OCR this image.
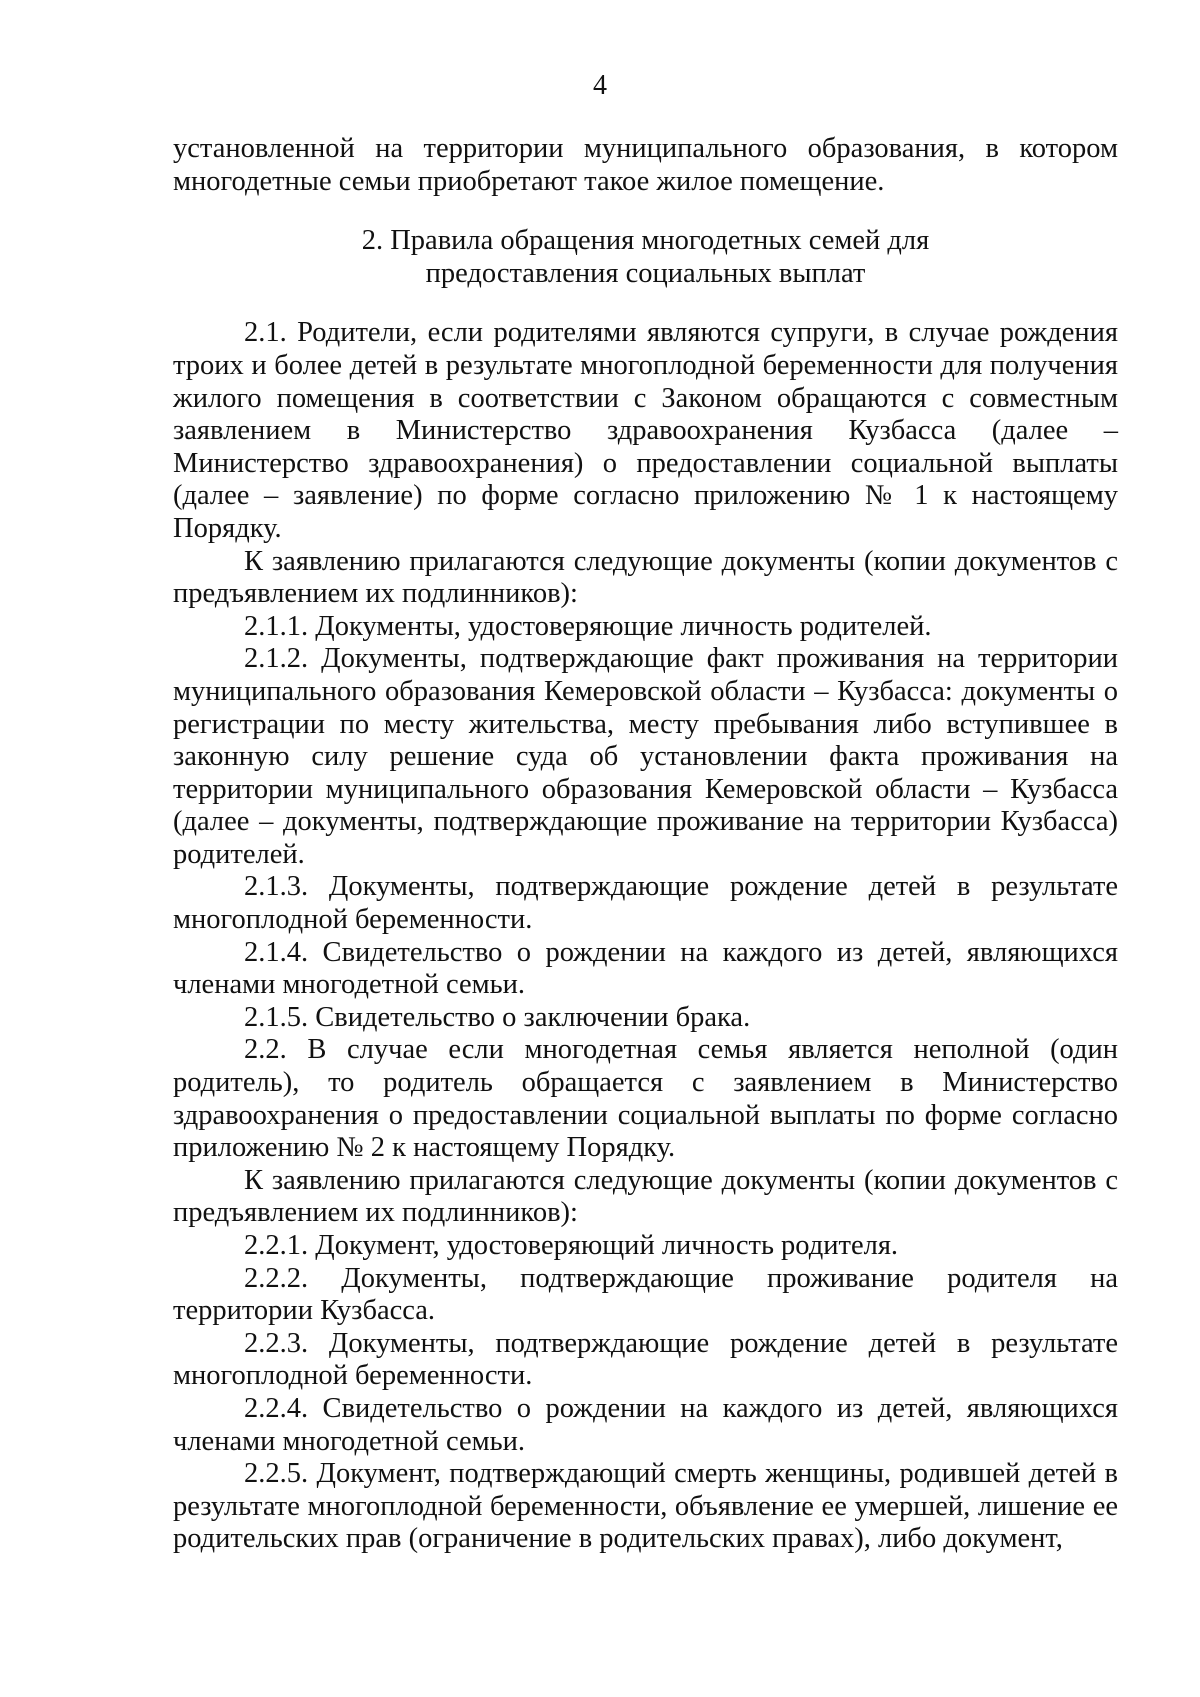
4

установленной на территории муниципального образования, в котором многодетные семьи приобретают такое жилое помещение.

2. Правила обращения многодетных семей для
предоставления социальных выплат

2.1. Родители, если родителями являются супруги, в случае рождения троих и более детей в результате многоплодной беременности для получения жилого помещения в соответствии с Законом обращаются с совместным заявлением в Министерство здравоохранения Кузбасса (далее – Министерство здравоохранения) о предоставлении социальной выплаты (далее – заявление) по форме согласно приложению № 1 к настоящему Порядку.

К заявлению прилагаются следующие документы (копии документов с предъявлением их подлинников):

2.1.1. Документы, удостоверяющие личность родителей.

2.1.2. Документы, подтверждающие факт проживания на территории муниципального образования Кемеровской области – Кузбасса: документы о регистрации по месту жительства, месту пребывания либо вступившее в законную силу решение суда об установлении факта проживания на территории муниципального образования Кемеровской области – Кузбасса (далее – документы, подтверждающие проживание на территории Кузбасса) родителей.

2.1.3. Документы, подтверждающие рождение детей в результате многоплодной беременности.

2.1.4. Свидетельство о рождении на каждого из детей, являющихся членами многодетной семьи.

2.1.5. Свидетельство о заключении брака.

2.2. В случае если многодетная семья является неполной (один родитель), то родитель обращается с заявлением в Министерство здравоохранения о предоставлении социальной выплаты по форме согласно приложению № 2 к настоящему Порядку.

К заявлению прилагаются следующие документы (копии документов с предъявлением их подлинников):

2.2.1. Документ, удостоверяющий личность родителя.

2.2.2. Документы, подтверждающие проживание родителя на территории Кузбасса.

2.2.3. Документы, подтверждающие рождение детей в результате многоплодной беременности.

2.2.4. Свидетельство о рождении на каждого из детей, являющихся членами многодетной семьи.

2.2.5. Документ, подтверждающий смерть женщины, родившей детей в результате многоплодной беременности, объявление ее умершей, лишение ее родительских прав (ограничение в родительских правах), либо документ,
